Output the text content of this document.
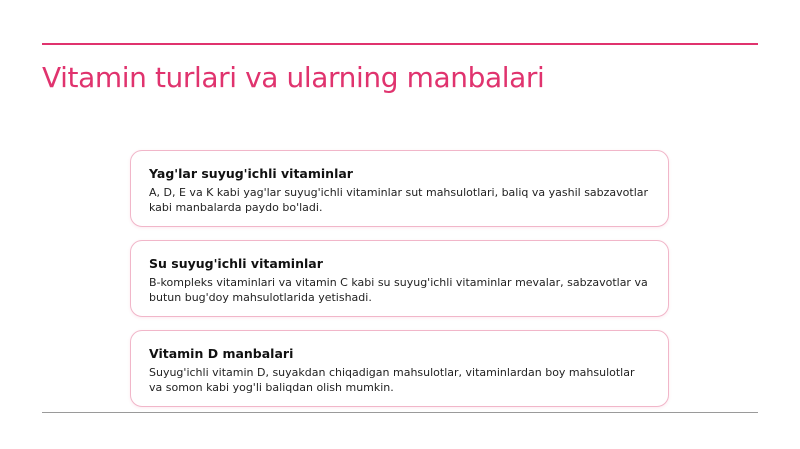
Vitamin turlari va ularning manbalari

Yag'lar suyug'ichli vitaminlar

A, D, E va K kabi yag'lar suyug'ichli vitaminlar sut mahsulotlari, baliq va yashil sabzavotlar kabi manbalarda paydo bo'ladi.

Su suyug'ichli vitaminlar

B-kompleks vitaminlari va vitamin C kabi su suyug'ichli vitaminlar mevalar, sabzavotlar va butun bug'doy mahsulotlarida yetishadi.

Vitamin D manbalari

Suyug'ichli vitamin D, suyakdan chiqadigan mahsulotlar, vitaminlardan boy mahsulotlar va somon kabi yog'li baliqdan olish mumkin.
